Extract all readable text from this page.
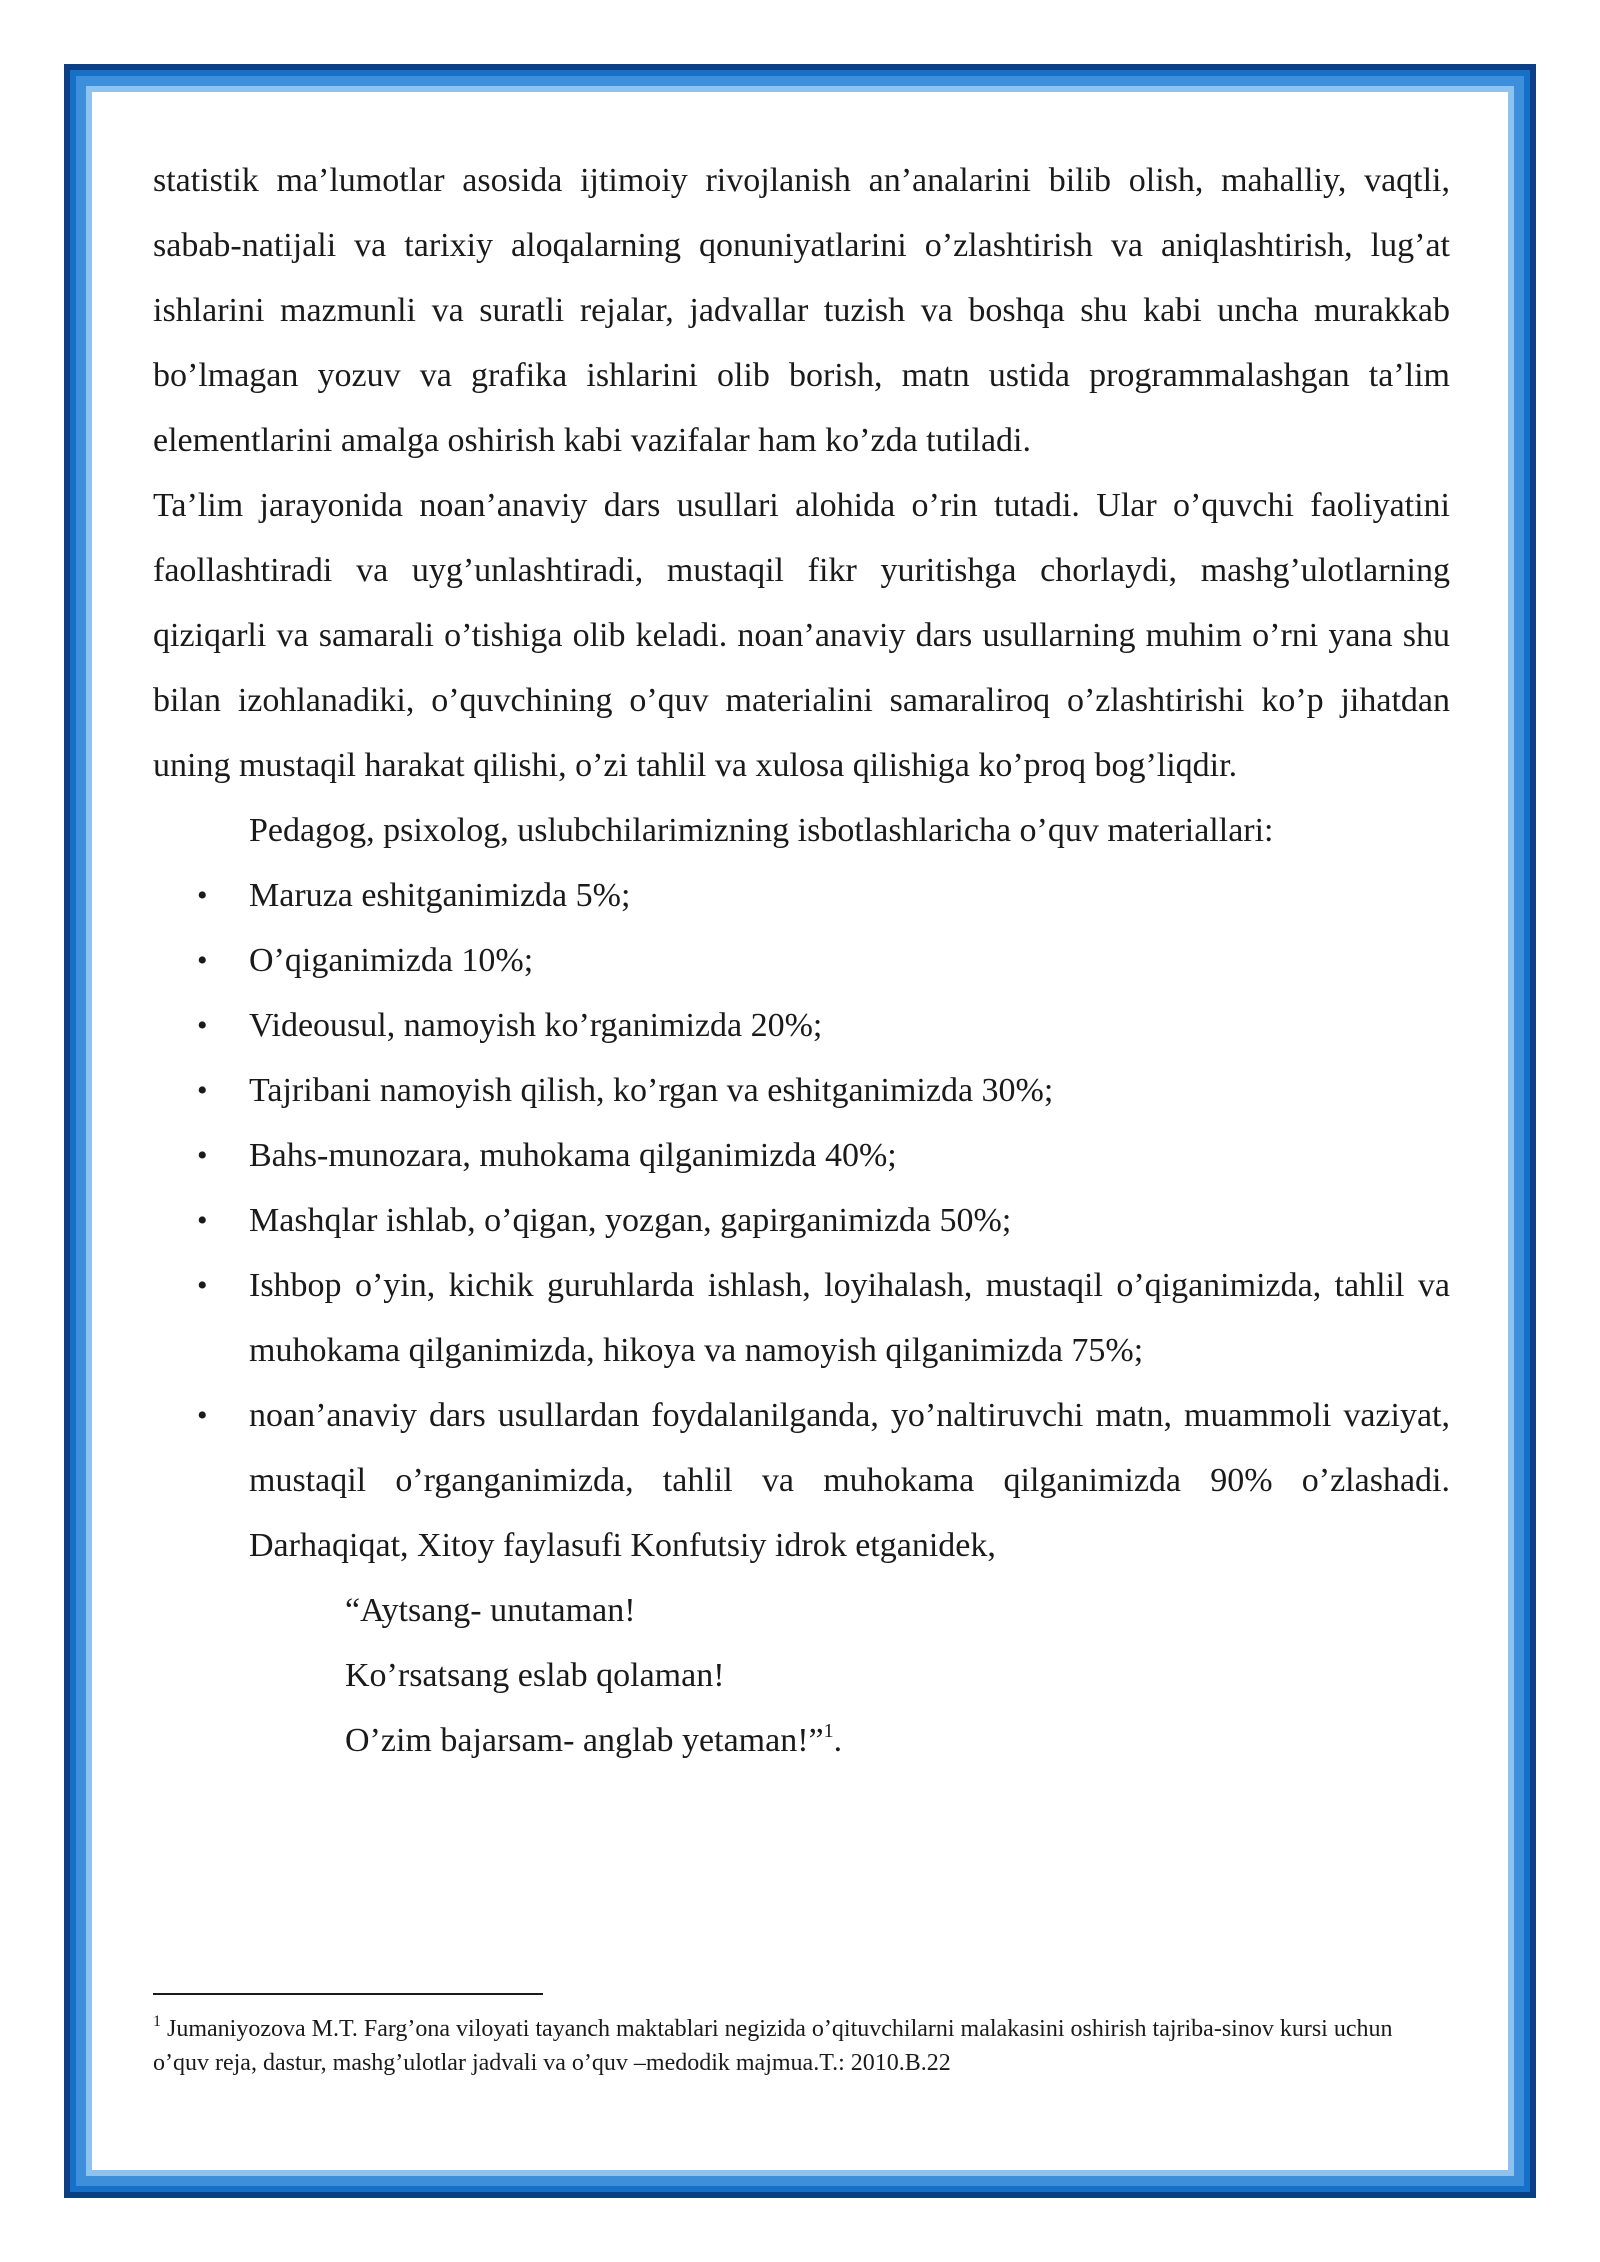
statistik ma’lumotlar asosida ijtimoiy rivojlanish an’analarini bilib olish, mahalliy, vaqtli, sabab-natijali va tarixiy aloqalarning qonuniyatlarini o’zlashtirish va aniqlashtirish, lug’at ishlarini mazmunli va suratli rejalar, jadvallar tuzish va boshqa shu kabi uncha murakkab bo’lmagan yozuv va grafika ishlarini olib borish, matn ustida programmalashgan ta’lim elementlarini amalga oshirish kabi vazifalar ham ko’zda tutiladi.

Ta’lim jarayonida noan’anaviy dars usullari alohida o’rin tutadi. Ular o’quvchi faoliyatini faollashtiradi va uyg’unlashtiradi, mustaqil fikr yuritishga chorlaydi, mashg’ulotlarning qiziqarli va samarali o’tishiga olib keladi. noan’anaviy dars usullarning muhim o’rni yana shu bilan izohlanadiki, o’quvchining o’quv materialini samaraliroq o’zlashtirishi ko’p jihatdan uning mustaqil harakat qilishi, o’zi tahlil va xulosa qilishiga ko’proq bog’liqdir.

Pedagog, psixolog, uslubchilarimizning isbotlashlaricha o’quv materiallari:

• Maruza eshitganimizda 5%;
• O’qiganimizda 10%;
• Videousul, namoyish ko’rganimizda 20%;
• Tajribani namoyish qilish, ko’rgan va eshitganimizda 30%;
• Bahs-munozara, muhokama qilganimizda 40%;
• Mashqlar ishlab, o’qigan, yozgan, gapirganimizda 50%;
• Ishbop o’yin, kichik guruhlarda ishlash, loyihalash, mustaqil o’qiganimizda, tahlil va muhokama qilganimizda, hikoya va namoyish qilganimizda 75%;
• noan’anaviy dars usullardan foydalanilganda, yo’naltiruvchi matn, muammoli vaziyat, mustaqil o’rganganimizda, tahlil va muhokama qilganimizda 90% o’zlashadi. Darhaqiqat, Xitoy faylasufi Konfutsiy idrok etganidek,

“Aytsang- unutaman!

Ko’rsatsang eslab qolaman!

O’zim bajarsam- anglab yetaman!”$^1$.

$^1$ Jumaniyozova M.T. Farg’ona viloyati tayanch maktablari negizida o’qituvchilarni malakasini oshirish tajriba-sinov kursi uchun o’quv reja, dastur, mashg’ulotlar jadvali va o’quv –medodik majmua.T.: 2010.B.22
